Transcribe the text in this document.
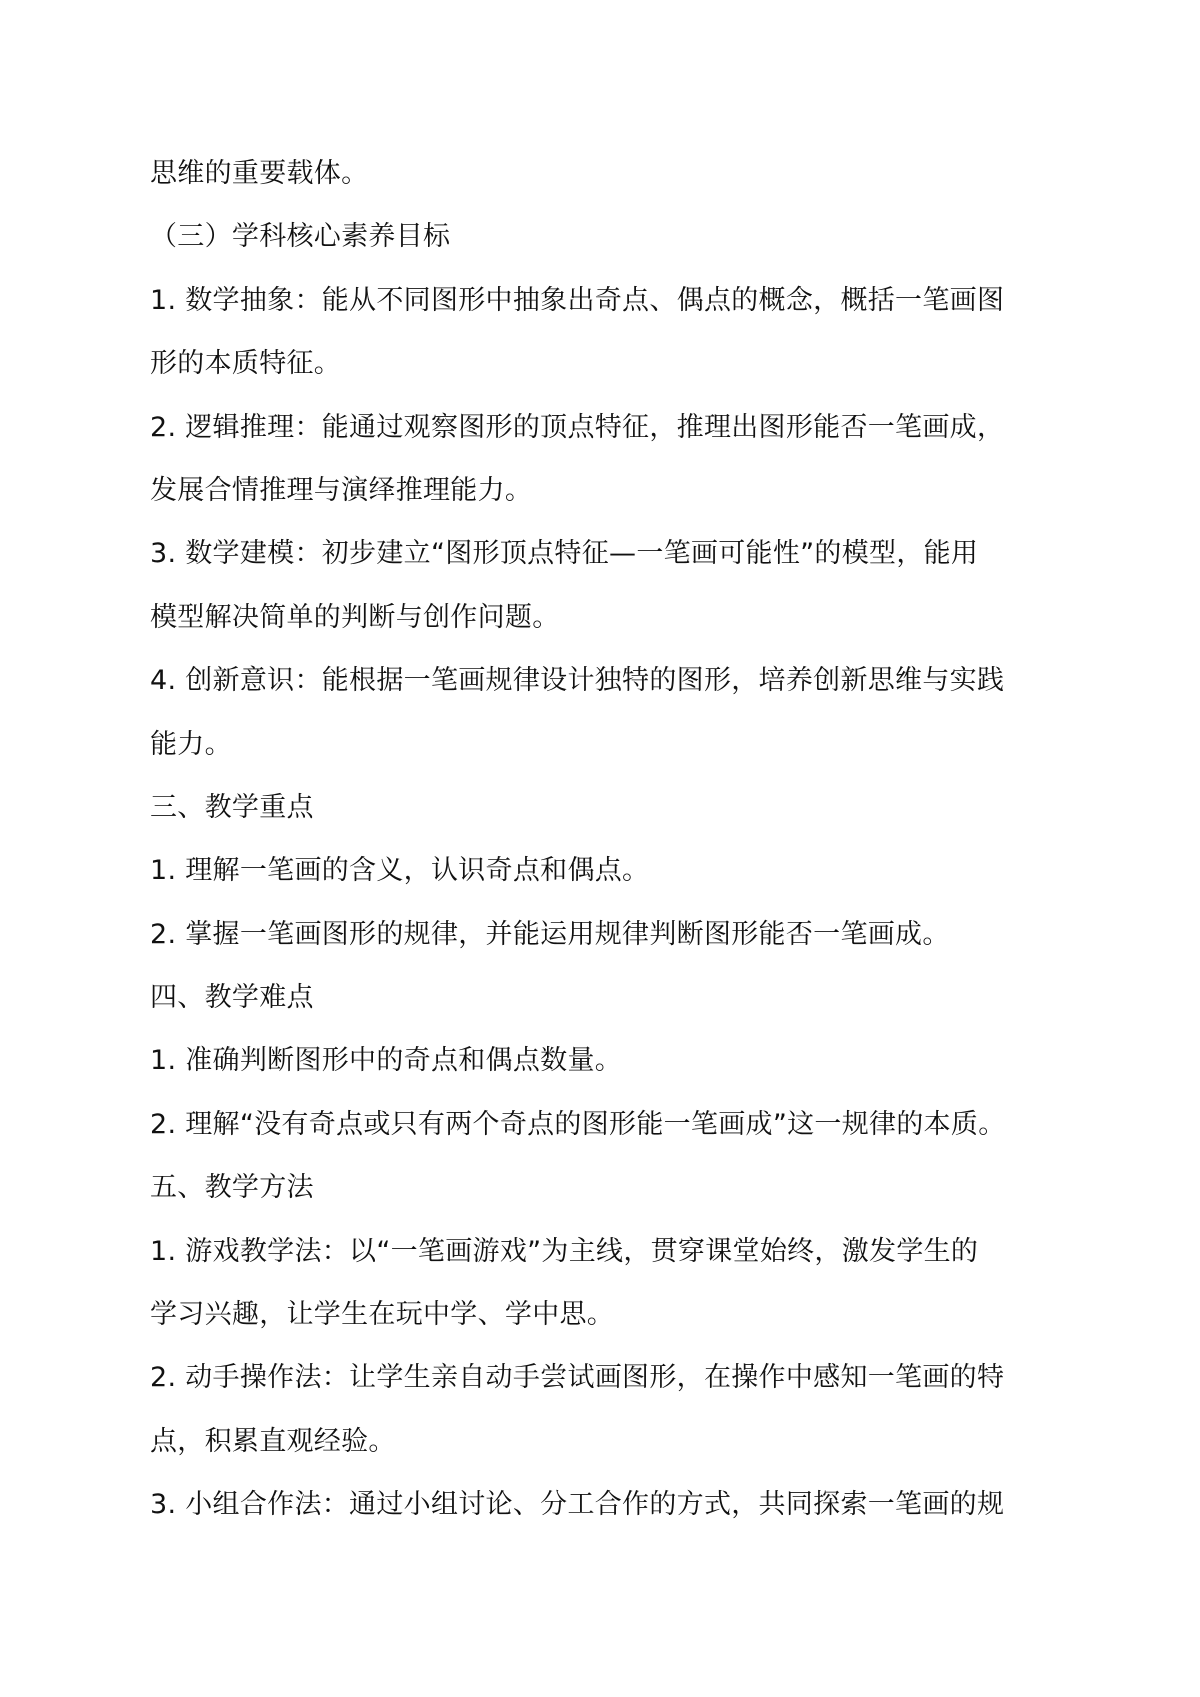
思维的重要载体。
（三）学科核心素养目标
1. 数学抽象：能从不同图形中抽象出奇点、偶点的概念，概括一笔画图
形的本质特征。
2. 逻辑推理：能通过观察图形的顶点特征，推理出图形能否一笔画成，
发展合情推理与演绎推理能力。
3. 数学建模：初步建立“图形顶点特征—一笔画可能性”的模型，能用
模型解决简单的判断与创作问题。
4. 创新意识：能根据一笔画规律设计独特的图形，培养创新思维与实践
能力。
三、教学重点
1. 理解一笔画的含义，认识奇点和偶点。
2. 掌握一笔画图形的规律，并能运用规律判断图形能否一笔画成。
四、教学难点
1. 准确判断图形中的奇点和偶点数量。
2. 理解“没有奇点或只有两个奇点的图形能一笔画成”这一规律的本质。
五、教学方法
1. 游戏教学法：以“一笔画游戏”为主线，贯穿课堂始终，激发学生的
学习兴趣，让学生在玩中学、学中思。
2. 动手操作法：让学生亲自动手尝试画图形，在操作中感知一笔画的特
点，积累直观经验。
3. 小组合作法：通过小组讨论、分工合作的方式，共同探索一笔画的规
